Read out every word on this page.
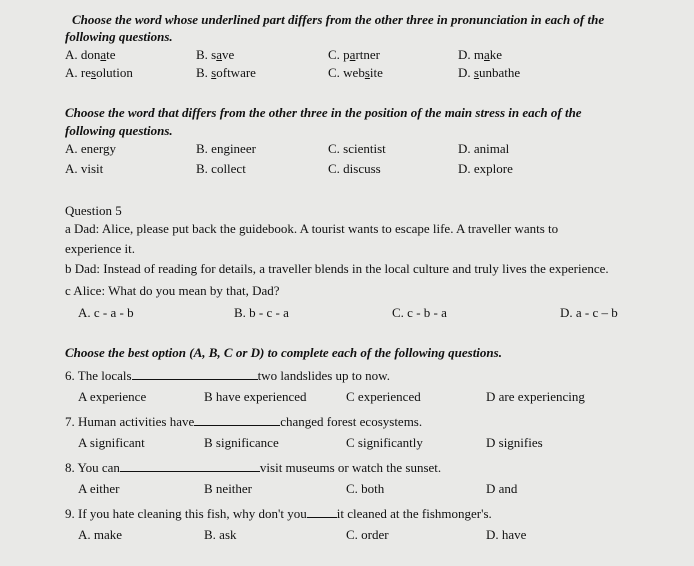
Choose the word whose underlined part differs from the other three in pronunciation in each of the
following questions.
A. donate	B. save	C. partner	D. make
A. resolution	B. software	C. website	D. sunbathe
Choose the word that differs from the other three in the position of the main stress in each of the
following questions.
A. energy	B. engineer	C. scientist	D. animal
A. visit	B. collect	C. discuss	D. explore
Question 5
a Dad: Alice, please put back the guidebook. A tourist wants to escape life. A traveller wants to
experience it.
b Dad: Instead of reading for details, a traveller blends in the local culture and truly lives the experience.
c Alice: What do you mean by that, Dad?
A. c - a - b	B. b - c - a	C. c - b - a	D. a - c – b
Choose the best option (A, B, C or D) to complete each of the following questions.
6. The locals	two landslides up to now.
A experience	B have experienced	C experienced	D are experiencing
7. Human activities have	changed forest ecosystems.
A significant	B significance	C significantly	D signifies
8. You can	visit museums or watch the sunset.
A either	B neither	C. both	D and
9. If you hate cleaning this fish, why don't you it cleaned at the fishmonger's.
A. make	B. ask	C. order	D. have
